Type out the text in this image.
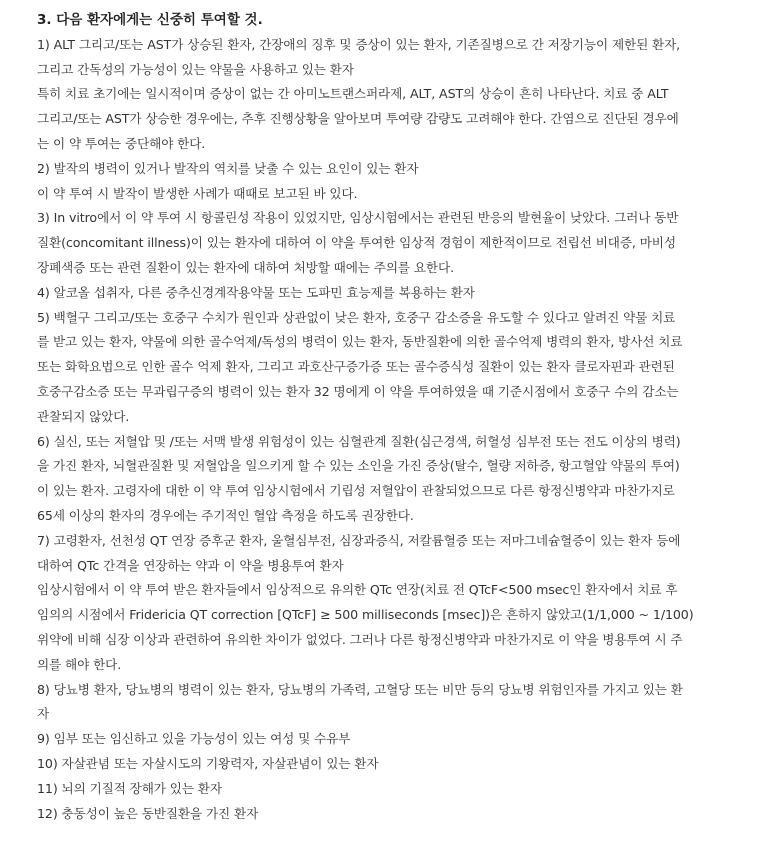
3. 다음 환자에게는 신중히 투여할 것.

1) ALT 그리고/또는 AST가 상승된 환자, 간장애의 징후 및 증상이 있는 환자, 기존질병으로 간 저장기능이 제한된 환자,

그리고 간독성의 가능성이 있는 약물을 사용하고 있는 환자

특히 치료 초기에는 일시적이며 증상이 없는 간 아미노트랜스퍼라제, ALT, AST의 상승이 흔히 나타난다. 치료 중 ALT

그리고/또는 AST가 상승한 경우에는, 추후 진행상황을 알아보며 투여량 감량도 고려해야 한다. 간염으로 진단된 경우에

는 이 약 투여는 중단해야 한다.

2) 발작의 병력이 있거나 발작의 역치를 낮출 수 있는 요인이 있는 환자

이 약 투여 시 발작이 발생한 사례가 때때로 보고된 바 있다.

3) In vitro에서 이 약 투여 시 항콜린성 작용이 있었지만, 임상시험에서는 관련된 반응의 발현율이 낮았다. 그러나 동반

질환(concomitant illness)이 있는 환자에 대하여 이 약을 투여한 임상적 경험이 제한적이므로 전립선 비대증, 마비성

장폐색증 또는 관련 질환이 있는 환자에 대하여 처방할 때에는 주의를 요한다.

4) 알코올 섭취자, 다른 중추신경계작용약물 또는 도파민 효능제를 복용하는 환자

5) 백혈구 그리고/또는 호중구 수치가 원인과 상관없이 낮은 환자, 호중구 감소증을 유도할 수 있다고 알려진 약물 치료

를 받고 있는 환자, 약물에 의한 골수억제/독성의 병력이 있는 환자, 동반질환에 의한 골수억제 병력의 환자, 방사선 치료

또는 화학요법으로 인한 골수 억제 환자, 그리고 과호산구증가증 또는 골수증식성 질환이 있는 환자 클로자핀과 관련된

호중구감소증 또는 무과립구증의 병력이 있는 환자 32 명에게 이 약을 투여하였을 때 기준시점에서 호중구 수의 감소는

관찰되지 않았다.

6) 실신, 또는 저혈압 및 /또는 서맥 발생 위험성이 있는 심혈관계 질환(심근경색, 허혈성 심부전 또는 전도 이상의 병력)

을 가진 환자, 뇌혈관질환 및 저혈압을 일으키게 할 수 있는 소인을 가진 증상(탈수, 혈량 저하증, 항고혈압 약물의 투여)

이 있는 환자. 고령자에 대한 이 약 투여 임상시험에서 기립성 저혈압이 관찰되었으므로 다른 항정신병약과 마찬가지로

65세 이상의 환자의 경우에는 주기적인 혈압 측정을 하도록 권장한다.

7) 고령환자, 선천성 QT 연장 증후군 환자, 울혈심부전, 심장과증식, 저칼륨혈증 또는 저마그네슘혈증이 있는 환자 등에

대하여 QTc 간격을 연장하는 약과 이 약을 병용투여 환자

임상시험에서 이 약 투여 받은 환자들에서 임상적으로 유의한 QTc 연장(치료 전 QTcF<500 msec인 환자에서 치료 후

임의의 시점에서 Fridericia QT correction [QTcF] ≥ 500 milliseconds [msec])은 흔하지 않았고(1/1,000 ~ 1/100)

위약에 비해 심장 이상과 관련하여 유의한 차이가 없었다. 그러나 다른 항정신병약과 마찬가지로 이 약을 병용투여 시 주

의를 해야 한다.

8) 당뇨병 환자, 당뇨병의 병력이 있는 환자, 당뇨병의 가족력, 고혈당 또는 비만 등의 당뇨병 위험인자를 가지고 있는 환

자

9) 임부 또는 임신하고 있을 가능성이 있는 여성 및 수유부

10) 자살관념 또는 자살시도의 기왕력자, 자살관념이 있는 환자

11) 뇌의 기질적 장해가 있는 환자

12) 충동성이 높은 동반질환을 가진 환자
